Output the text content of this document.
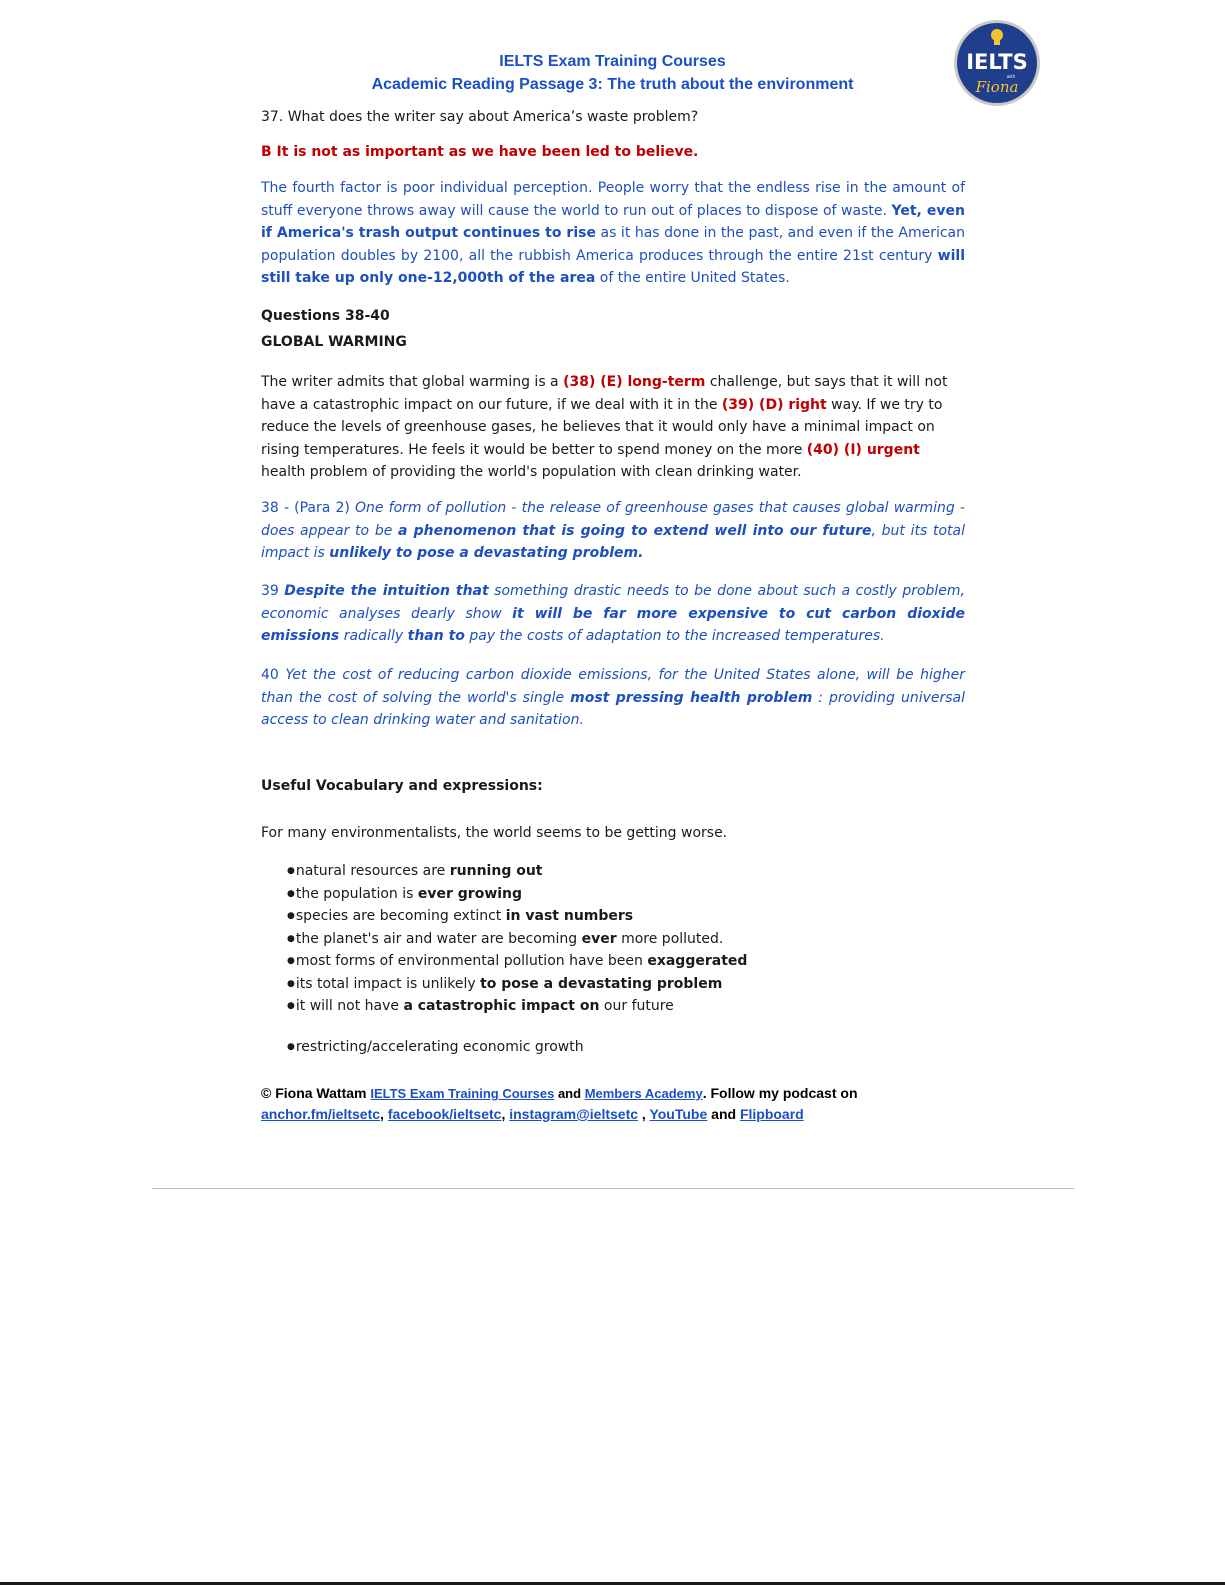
IELTS Exam Training Courses
Academic Reading Passage 3: The truth about the environment
IELTS
with
Fiona
37. What does the writer say about America’s waste problem?
B It is not as important as we have been led to believe.
The fourth factor is poor individual perception. People worry that the endless rise in the amount of stuff everyone throws away will cause the world to run out of places to dispose of waste. Yet, even if America's trash output continues to rise as it has done in the past, and even if the American population doubles by 2100, all the rubbish America produces through the entire 21st century will still take up only one-12,000th of the area of the entire United States.
Questions 38-40
GLOBAL WARMING
The writer admits that global warming is a (38) (E) long-term challenge, but says that it will not have a catastrophic impact on our future, if we deal with it in the (39) (D) right way. If we try to reduce the levels of greenhouse gases, he believes that it would only have a minimal impact on rising temperatures. He feels it would be better to spend money on the more (40) (I) urgent health problem of providing the world's population with clean drinking water.
38 - (Para 2) One form of pollution - the release of greenhouse gases that causes global warming - does appear to be a phenomenon that is going to extend well into our future, but its total impact is unlikely to pose a devastating problem.
39 Despite the intuition that something drastic needs to be done about such a costly problem, economic analyses dearly show it will be far more expensive to cut carbon dioxide emissions radically than to pay the costs of adaptation to the increased temperatures.
40 Yet the cost of reducing carbon dioxide emissions, for the United States alone, will be higher than the cost of solving the world's single most pressing health problem : providing universal access to clean drinking water and sanitation.
Useful Vocabulary and expressions:
For many environmentalists, the world seems to be getting worse.
● natural resources are running out
● the population is ever growing
● species are becoming extinct in vast numbers
● the planet's air and water are becoming ever more polluted.
● most forms of environmental pollution have been exaggerated
● its total impact is unlikely to pose a devastating problem
● it will not have a catastrophic impact on our future
● restricting/accelerating economic growth
© Fiona Wattam IELTS Exam Training Courses and Members Academy. Follow my podcast on
anchor.fm/ieltsetc, facebook/ieltsetc, instagram@ieltsetc , YouTube and Flipboard
